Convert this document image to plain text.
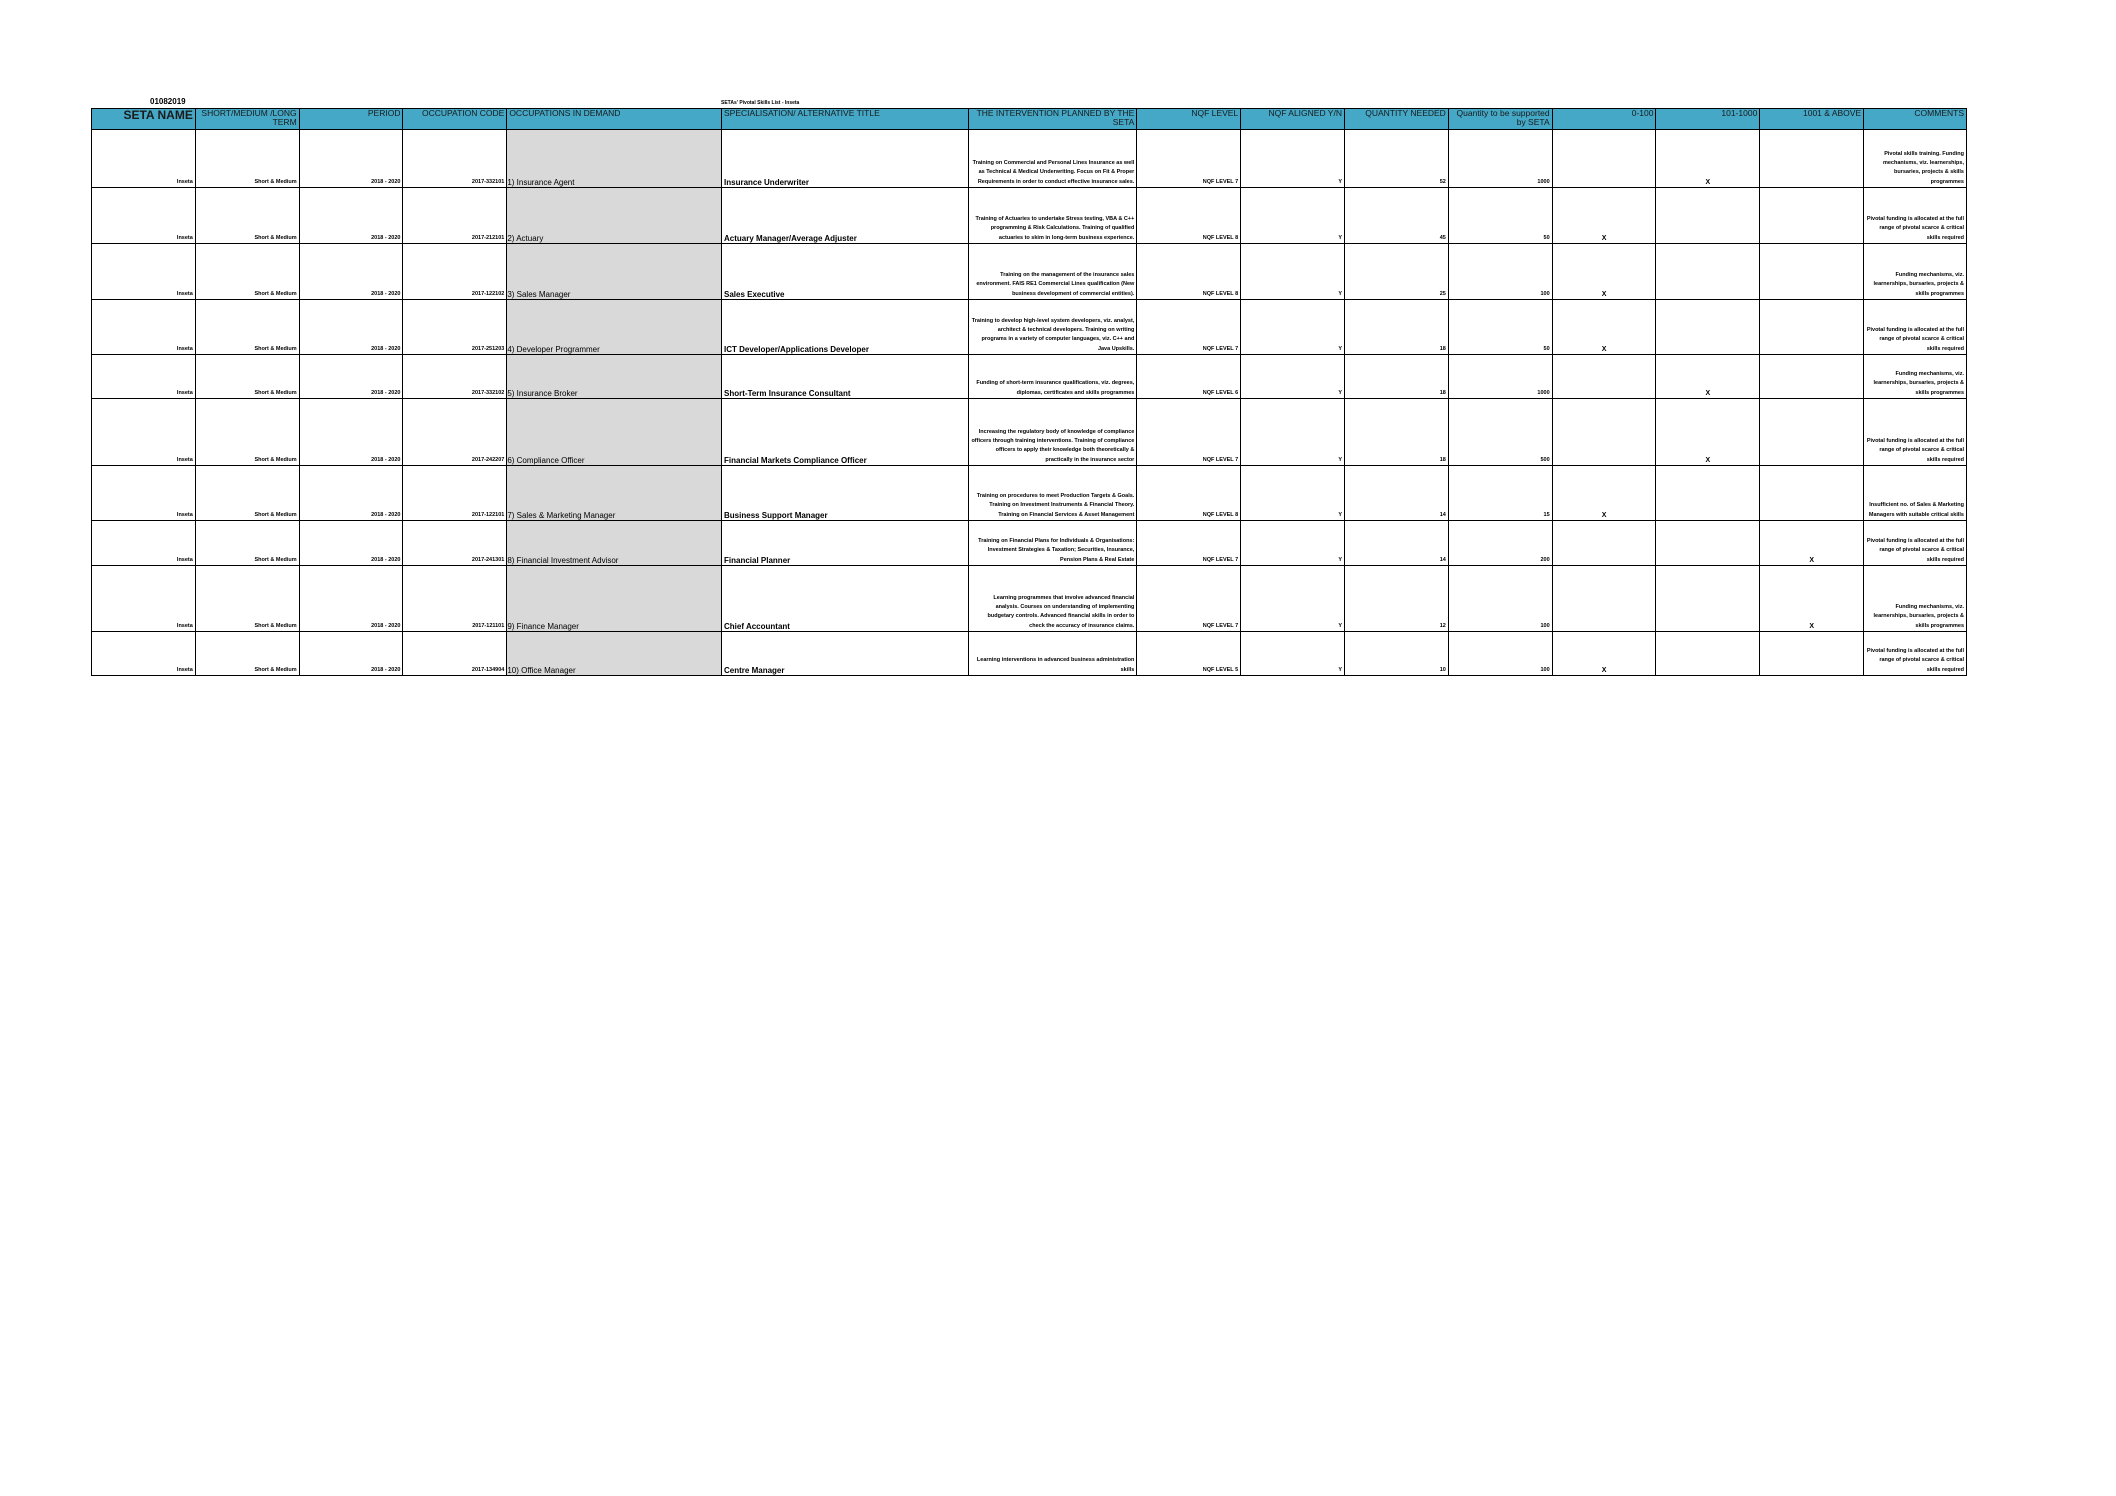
01082019	SETAs' Pivotal Skills List - Inseta
SETA NAME	SHORT/MEDIUM /LONG TERM	PERIOD	OCCUPATION CODE	OCCUPATIONS IN DEMAND	SPECIALISATION/ ALTERNATIVE TITLE	THE INTERVENTION PLANNED BY THE SETA	NQF LEVEL	NQF ALIGNED Y/N	QUANTITY NEEDED	Quantity to be supported by SETA	0-100	101-1000	1001 & ABOVE	COMMENTS
Inseta	Short & Medium	2018 - 2020	2017-332101	1) Insurance Agent	Insurance Underwriter	Training on Commercial and Personal Lines Insurance as well as Technical & Medical Underwriting. Focus on Fit & Proper Requirements in order to conduct effective insurance sales.	NQF LEVEL 7	Y	52	1000		X		Pivotal skills training. Funding mechanisms, viz. learnerships, bursaries, projects & skills programmes
Inseta	Short & Medium	2018 - 2020	2017-212101	2) Actuary	Actuary Manager/Average Adjuster	Training of Actuaries to undertake Stress testing, VBA & C++ programming & Risk Calculations. Training of qualified actuaries to skim in long-term business experience.	NQF LEVEL 8	Y	45	50	X			Pivotal funding is allocated at the full range of pivotal scarce & critical skills required
Inseta	Short & Medium	2018 - 2020	2017-122102	3) Sales Manager	Sales Executive	Training on the management of the insurance sales environment. FAIS RE1 Commercial Lines qualification (New business development of commercial entities).	NQF LEVEL 8	Y	25	100	X			Funding mechanisms, viz. learnerships, bursaries, projects & skills programmes
Inseta	Short & Medium	2018 - 2020	2017-251203	4) Developer Programmer	ICT Developer/Applications Developer	Training to develop high-level system developers, viz. analyst, architect & technical developers. Training on writing programs in a variety of computer languages, viz. C++ and Java Upskills.	NQF LEVEL 7	Y	18	50	X			Pivotal funding is allocated at the full range of pivotal scarce & critical skills required
Inseta	Short & Medium	2018 - 2020	2017-332102	5) Insurance Broker	Short-Term Insurance Consultant	Funding of short-term insurance qualifications, viz. degrees, diplomas, certificates and skills programmes	NQF LEVEL 6	Y	18	1000		X		Funding mechanisms, viz. learnerships, bursaries, projects & skills programmes
Inseta	Short & Medium	2018 - 2020	2017-242207	6) Compliance Officer	Financial Markets Compliance Officer	Increasing the regulatory body of knowledge of compliance officers through training interventions. Training of compliance officers to apply their knowledge both theoretically & practically in the insurance sector	NQF LEVEL 7	Y	18	500		X		Pivotal funding is allocated at the full range of pivotal scarce & critical skills required
Inseta	Short & Medium	2018 - 2020	2017-122101	7) Sales & Marketing Manager	Business Support Manager	Training on procedures to meet Production Targets & Goals. Training on Investment Instruments & Financial Theory. Training on Financial Services & Asset Management	NQF LEVEL 8	Y	14	15	X			Insufficient no. of Sales & Marketing Managers with suitable critical skills
Inseta	Short & Medium	2018 - 2020	2017-241301	8) Financial Investment Advisor	Financial Planner	Training on Financial Plans for Individuals & Organisations: Investment Strategies & Taxation; Securities, Insurance, Pension Plans & Real Estate	NQF LEVEL 7	Y	14	200			X	Pivotal funding is allocated at the full range of pivotal scarce & critical skills required
Inseta	Short & Medium	2018 - 2020	2017-121101	9) Finance Manager	Chief Accountant	Learning programmes that involve advanced financial analysis. Courses on understanding of implementing budgetary controls. Advanced financial skills in order to check the accuracy of insurance claims.	NQF LEVEL 7	Y	12	100			X	Funding mechanisms, viz. learnerships, bursaries, projects & skills programmes
Inseta	Short & Medium	2018 - 2020	2017-134904	10) Office Manager	Centre Manager	Learning interventions in advanced business administration skills	NQF LEVEL 5	Y	10	100	X			Pivotal funding is allocated at the full range of pivotal scarce & critical skills required
